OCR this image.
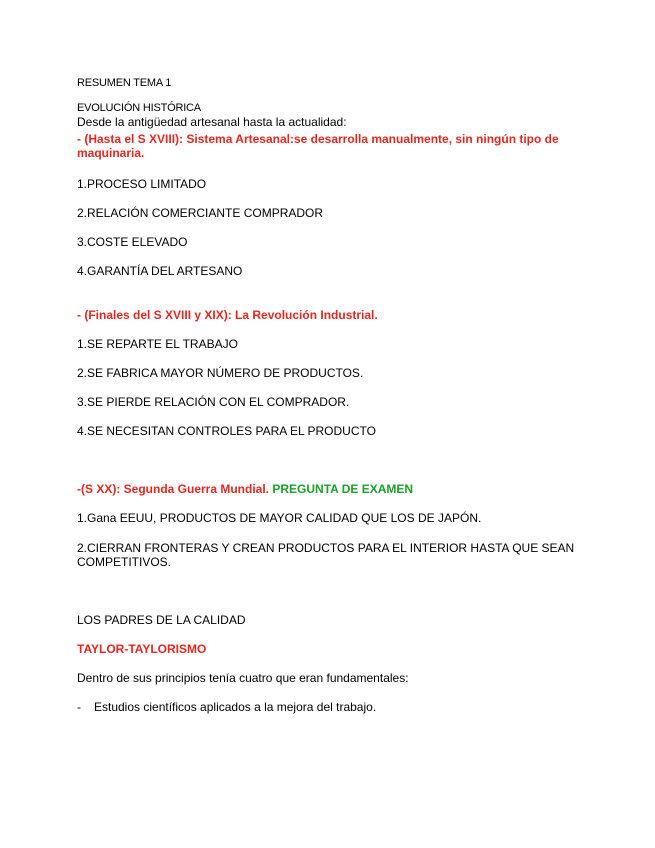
RESUMEN TEMA 1
EVOLUCIÓN HISTÓRICA
Desde la antigüedad artesanal hasta la actualidad:
- (Hasta el S XVIII): Sistema Artesanal:se desarrolla manualmente, sin ningún tipo de maquinaria.
1.PROCESO LIMITADO
2.RELACIÓN COMERCIANTE COMPRADOR
3.COSTE ELEVADO
4.GARANTÍA DEL ARTESANO
- (Finales del S XVIII y XIX): La Revolución Industrial.
1.SE REPARTE EL TRABAJO
2.SE FABRICA MAYOR NÚMERO DE PRODUCTOS.
3.SE PIERDE RELACIÓN CON EL COMPRADOR.
4.SE NECESITAN CONTROLES PARA EL PRODUCTO
-(S XX): Segunda Guerra Mundial. PREGUNTA DE EXAMEN
1.Gana EEUU, PRODUCTOS DE MAYOR CALIDAD QUE LOS DE JAPÓN.
2.CIERRAN FRONTERAS Y CREAN PRODUCTOS PARA EL INTERIOR HASTA QUE SEAN COMPETITIVOS.
LOS PADRES DE LA CALIDAD
TAYLOR-TAYLORISMO
Dentro de sus principios tenía cuatro que eran fundamentales:
- Estudios científicos aplicados a la mejora del trabajo.
